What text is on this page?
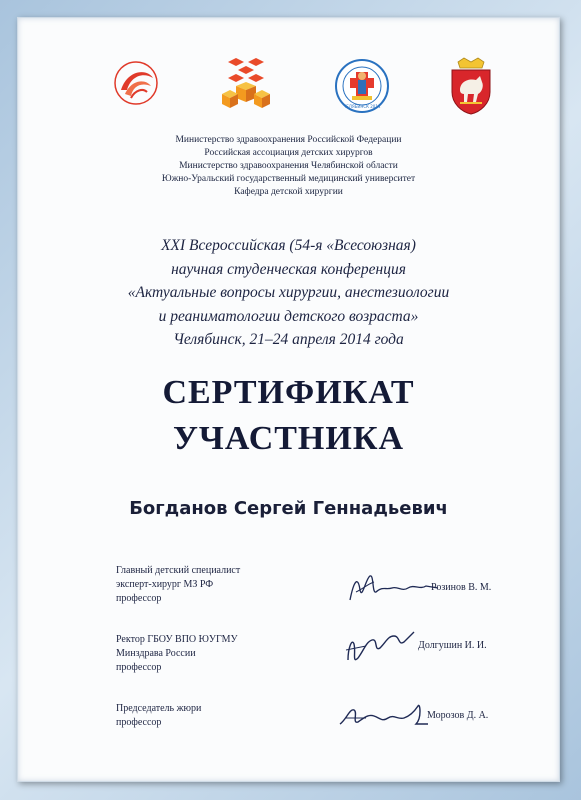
ЧЕЛЯБИНСК 2014
Министерство здравоохранения Российской Федерации
Российская ассоциация детских хирургов
Министерство здравоохранения Челябинской области
Южно-Уральский государственный медицинский университет
Кафедра детской хирургии
XXI Всероссийская (54-я «Всесоюзная)
научная студенческая конференция
«Актуальные вопросы хирургии, анестезиологии
и реаниматологии детского возраста»
Челябинск, 21–24 апреля 2014 года
СЕРТИФИКАТ
УЧАСТНИКА
Богданов Сергей Геннадьевич
Главный детский специалист
эксперт-хирург МЗ РФ
профессор
Розинов В. М.
Ректор ГБОУ ВПО ЮУГМУ
Минздрава России
профессор
Долгушин И. И.
Председатель жюри
профессор
Морозов Д. А.
